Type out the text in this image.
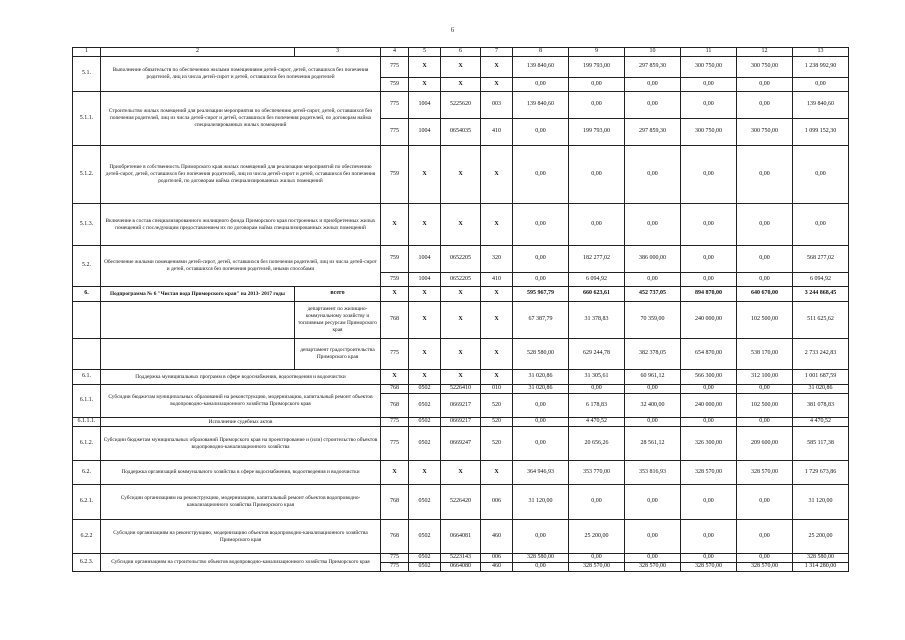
6
1	2	3	4	5	6	7	8	9	10	11	12	13
5.1.	Выполнение обязательств по обеспечению жилыми помещениями детей-сирот, детей, оставшихся без попечения родителей, лиц из числа детей-сирот и детей, оставшихся без попечения родителей		775	X	X	X	139 840,60	199 793,00	297 859,30	300 750,00	300 750,00	1 238 992,90
			759	X	X	X	0,00	0,00	0,00	0,00	0,00	0,00
5.1.1.	Строительство жилых помещений для реализации мероприятия по обеспечению детей-сирот, детей, оставшихся без попечения родителей, лиц из числа детей-сирот и детей, оставшихся без попечения родителей, по договорам найма специализированных жилых помещений		775	1004	5225620	003	139 840,60	0,00	0,00	0,00	0,00	139 840,60
			775	1004	0654035	410	0,00	199 793,00	297 859,30	300 750,00	300 750,00	1 099 152,30
5.1.2.	Приобретение в собственность Приморского края жилых помещений для реализации мероприятий по обеспечению детей-сирот, детей, оставшихся без попечения родителей, лиц из числа детей-сирот и детей, оставшихся без попечения родителей, по договорам найма специализированных жилых помещений		759	X	X	X	0,00	0,00	0,00	0,00	0,00	0,00
5.1.3.	Включение в состав специализированного жилищного фонда Приморского края построенных и приобретенных жилых помещений с последующим предоставлением их по договорам найма специализированных жилых помещений		X	X	X	X	0,00	0,00	0,00	0,00	0,00	0,00
5.2.	Обеспечение жилыми помещениями детей-сирот, детей, оставшихся без попечения родителей, лиц из числа детей-сирот и детей, оставшихся без попечения родителей, иными способами		759	1004	0652205	320	0,00	182 277,02	386 000,00	0,00	0,00	568 277,02
			759	1004	0652205	410	0,00	6 094,92	0,00	0,00	0,00	6 094,92
6.	Подпрограмма № 6 "Чистая вода Приморского края" на 2013- 2017 годы	всего	X	X	X	X	595 967,79	660 623,61	452 737,05	894 870,00	640 670,00	3 244 868,45
		департамент по жилищно-коммунальному хозяйству и топливным ресурсам Приморского края	768	X	X	X	67 387,79	31 378,83	70 359,00	240 000,00	102 500,00	511 625,62
		департамент градостроительства Приморского края	775	X	X	X	528 580,00	629 244,78	382 378,05	654 870,00	538 170,00	2 733 242,83
6.1.	Поддержка муниципальных программ в сфере водоснабжения, водоотведения и водоочистки		X	X	X	X	31 020,86	31 305,61	60 961,12	566 300,00	312 100,00	1 001 687,59
6.1.1.	Субсидии бюджетам муниципальных образований на реконструкцию, модернизацию, капитальный ремонт объектов водопроводно-канализационного хозяйства Приморского края		768	0502	5226410	010	31 020,86	0,00	0,00	0,00	0,00	31 020,86
			768	0502	0669217	520	0,00	6 178,83	32 400,00	240 000,00	102 500,00	381 078,83
6.1.1.1.	Исполнение судебных актов		775	0502	0669217	520	0,00	4 470,52	0,00	0,00	0,00	4 470,52
6.1.2.	Субсидии бюджетам муниципальных образований Приморского края на проектирование и (или) строительство объектов водопроводно-канализационного хозяйства		775	0502	0669247	520	0,00	20 656,26	28 561,12	326 300,00	209 600,00	585 117,38
6.2.	Поддержка организаций коммунального хозяйства в сфере водоснабжения, водоотведения и водоочистки		X	X	X	X	364 946,93	353 770,00	353 816,93	328 570,00	328 570,00	1 729 673,86
6.2.1.	Субсидии организациям на реконструкцию, модернизацию, капитальный ремонт объектов водопроводно-канализационного хозяйства Приморского края		768	0502	5226420	006	31 120,00	0,00	0,00	0,00	0,00	31 120,00
6.2.2	Субсидии организациям на реконструкцию, модернизацию объектов водопроводно-канализационного хозяйства Приморского края		768	0502	0664081	460	0,00	25 200,00	0,00	0,00	0,00	25 200,00
6.2.3.	Субсидии организациям на строительство объектов водопроводно-канализационного хозяйства Приморского края		775	0502	5223143	006	328 580,00	0,00	0,00	0,00	0,00	328 580,00
			775	0502	0664080	460	0,00	328 570,00	328 570,00	328 570,00	328 570,00	1 314 280,00
